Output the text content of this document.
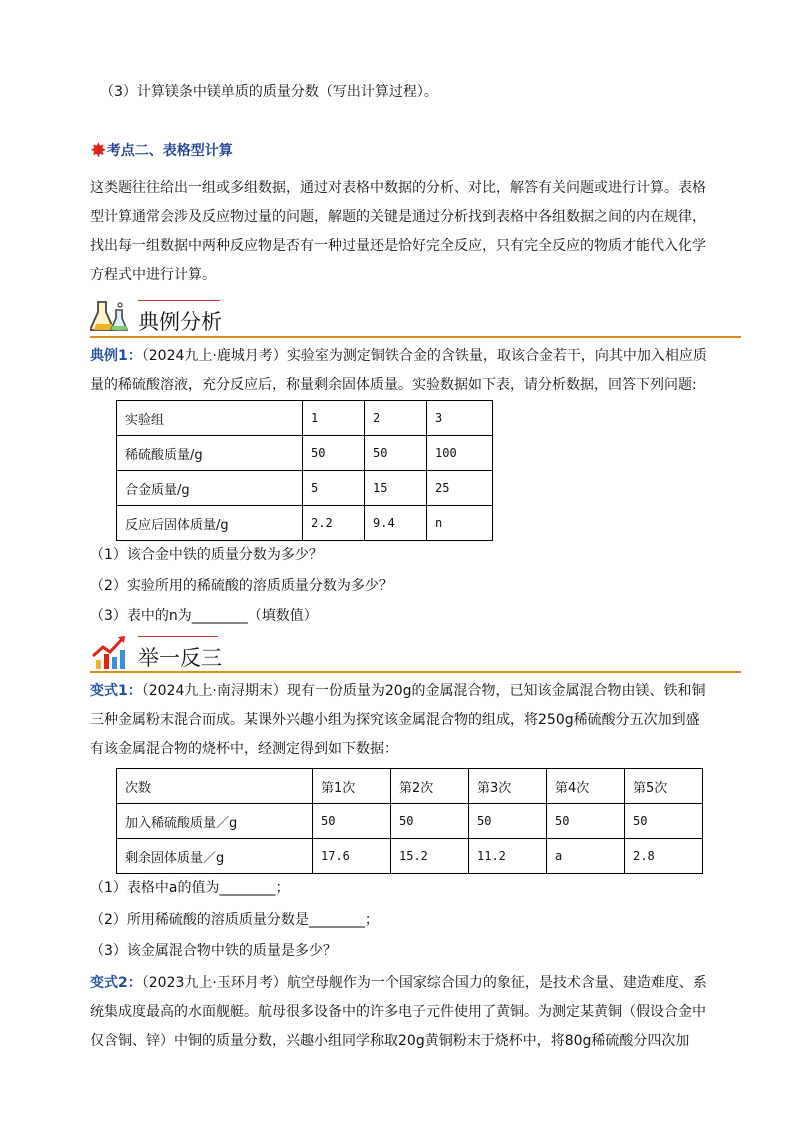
（3）计算镁条中镁单质的质量分数（写出计算过程）。
✸ 考点二、表格型计算
这类题往往给出一组或多组数据，通过对表格中数据的分析、对比，解答有关问题或进行计算。表格型计算通常会涉及反应物过量的问题，解题的关键是通过分析找到表格中各组数据之间的内在规律，找出每一组数据中两种反应物是否有一种过量还是恰好完全反应，只有完全反应的物质才能代入化学方程式中进行计算。
典例分析
典例1：（2024九上·鹿城月考）实验室为测定铜铁合金的含铁量，取该合金若干，向其中加入相应质量的稀硫酸溶液，充分反应后，称量剩余固体质量。实验数据如下表，请分析数据，回答下列问题:
实验组	1	2	3
稀硫酸质量/g	50	50	100
合金质量/g	5	15	25
反应后固体质量/g	2.2	9.4	n
（1）该合金中铁的质量分数为多少？
（2）实验所用的稀硫酸的溶质质量分数为多少？
（3）表中的n为________（填数值）
举一反三
变式1：（2024九上·南浔期末）现有一份质量为20g的金属混合物，已知该金属混合物由镁、铁和铜三种金属粉末混合而成。某课外兴趣小组为探究该金属混合物的组成，将250g稀硫酸分五次加到盛有该金属混合物的烧杯中，经测定得到如下数据：
次数	第1次	第2次	第3次	第4次	第5次
加入稀硫酸质量／g	50	50	50	50	50
剩余固体质量／g	17.6	15.2	11.2	a	2.8
（1）表格中a的值为________；
（2）所用稀硫酸的溶质质量分数是________；
（3）该金属混合物中铁的质量是多少？
变式2：（2023九上·玉环月考）航空母舰作为一个国家综合国力的象征，是技术含量、建造难度、系统集成度最高的水面舰艇。航母很多设备中的许多电子元件使用了黄铜。为测定某黄铜（假设合金中仅含铜、锌）中铜的质量分数，兴趣小组同学称取20g黄铜粉末于烧杯中，将80g稀硫酸分四次加
